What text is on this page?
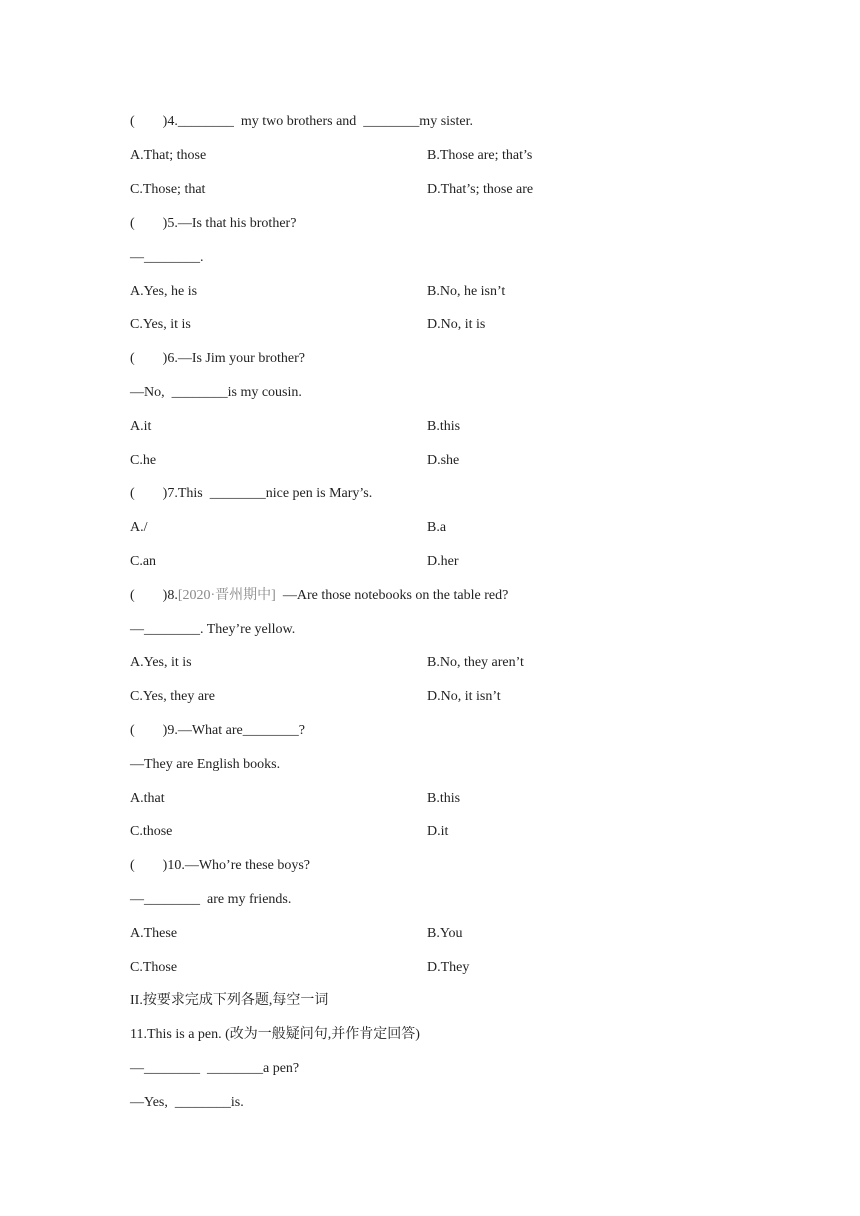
(        )4.________  my two brothers and  ________my sister.
A.That; those	B.Those are; that’s
C.Those; that	D.That’s; those are
(        )5.—Is that his brother?
—________.
A.Yes, he is	B.No, he isn’t
C.Yes, it is	D.No, it is
(        )6.—Is Jim your brother?
—No,  ________is my cousin.
A.it	B.this
C.he	D.she
(        )7.This  ________nice pen is Mary’s.
A./	B.a
C.an	D.her
(        )8.[2020·晋州期中]  —Are those notebooks on the table red?
—________. They’re yellow.
A.Yes, it is	B.No, they aren’t
C.Yes, they are	D.No, it isn’t
(        )9.—What are________?
—They are English books.
A.that	B.this
C.those	D.it
(        )10.—Who’re these boys?
—________  are my friends.
A.These	B.You
C.Those	D.They
II.按要求完成下列各题,每空一词
11.This is a pen. (改为一般疑问句,并作肯定回答)
—________  ________a pen?
—Yes,  ________is.
